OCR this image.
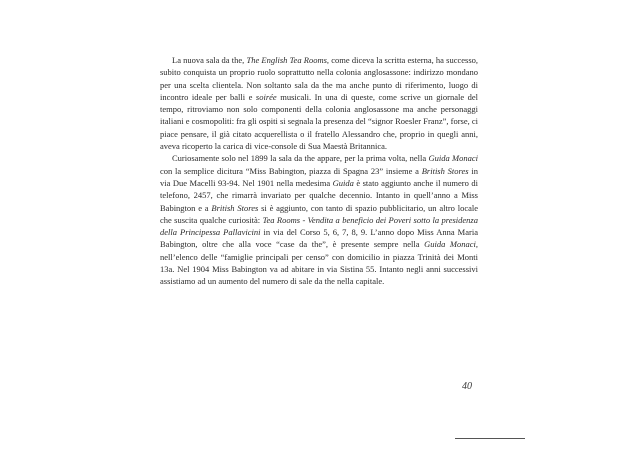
La nuova sala da the, The English Tea Rooms, come diceva la scritta esterna, ha successo, subito conquista un proprio ruolo soprattutto nella colonia anglosassone: indirizzo mondano per una scelta clientela. Non soltanto sala da the ma anche punto di riferimento, luogo di incontro ideale per balli e soirée musicali. In una di queste, come scrive un giornale del tempo, ritroviamo non solo componenti della colonia anglosassone ma anche personaggi italiani e cosmopoliti: fra gli ospiti si segnala la presenza del “signor Roesler Franz”, forse, ci piace pensare, il già citato acquerellista o il fratello Alessandro che, proprio in quegli anni, aveva ricoperto la carica di vice-console di Sua Maestà Britannica.

Curiosamente solo nel 1899 la sala da the appare, per la prima volta, nella Guida Monaci con la semplice dicitura “Miss Babington, piazza di Spagna 23” insieme a British Stores in via Due Macelli 93-94. Nel 1901 nella medesima Guida è stato aggiunto anche il numero di telefono, 2457, che rimarrà invariato per qualche decennio. Intanto in quell’anno a Miss Babington e a British Stores si è aggiunto, con tanto di spazio pubblicitario, un altro locale che suscita qualche curiosità: Tea Rooms - Vendita a beneficio dei Poveri sotto la presidenza della Principessa Pallavicini in via del Corso 5, 6, 7, 8, 9. L’anno dopo Miss Anna Maria Babington, oltre che alla voce “case da the”, è presente sempre nella Guida Monaci, nell’elenco delle “famiglie principali per censo” con domicilio in piazza Trinità dei Monti 13a. Nel 1904 Miss Babington va ad abitare in via Sistina 55. Intanto negli anni successivi assistiamo ad un aumento del numero di sale da the nella capitale.

40
